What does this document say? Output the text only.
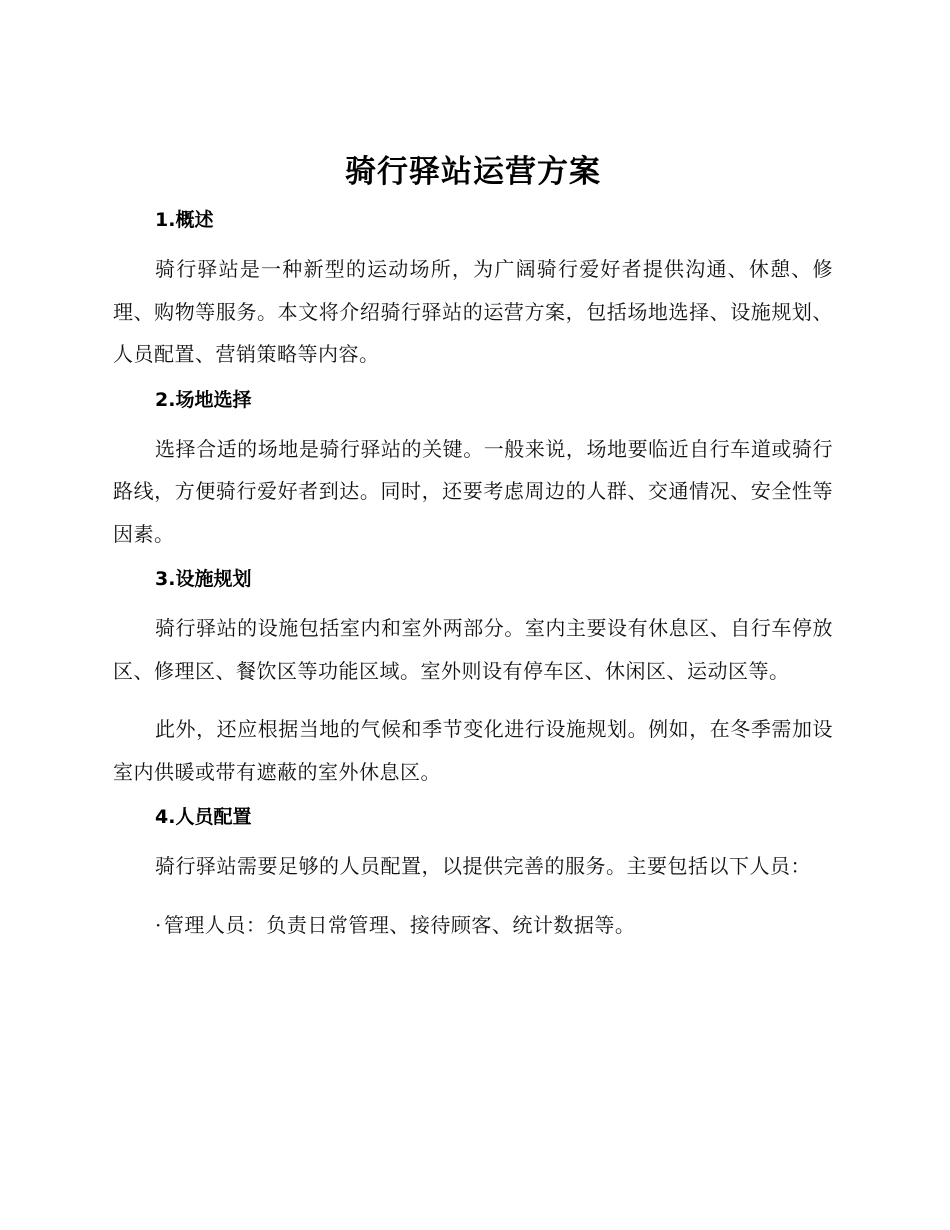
骑行驿站运营方案
1.概述

骑行驿站是一种新型的运动场所，为广阔骑行爱好者提供沟通、休憩、修理、购物等服务。本文将介绍骑行驿站的运营方案，包括场地选择、设施规划、人员配置、营销策略等内容。

2.场地选择

选择合适的场地是骑行驿站的关键。一般来说，场地要临近自行车道或骑行路线，方便骑行爱好者到达。同时，还要考虑周边的人群、交通情况、安全性等因素。

3.设施规划

骑行驿站的设施包括室内和室外两部分。室内主要设有休息区、自行车停放区、修理区、餐饮区等功能区域。室外则设有停车区、休闲区、运动区等。

此外，还应根据当地的气候和季节变化进行设施规划。例如，在冬季需加设室内供暖或带有遮蔽的室外休息区。

4.人员配置

骑行驿站需要足够的人员配置，以提供完善的服务。主要包括以下人员：

· 管理人员：负责日常管理、接待顾客、统计数据等。
